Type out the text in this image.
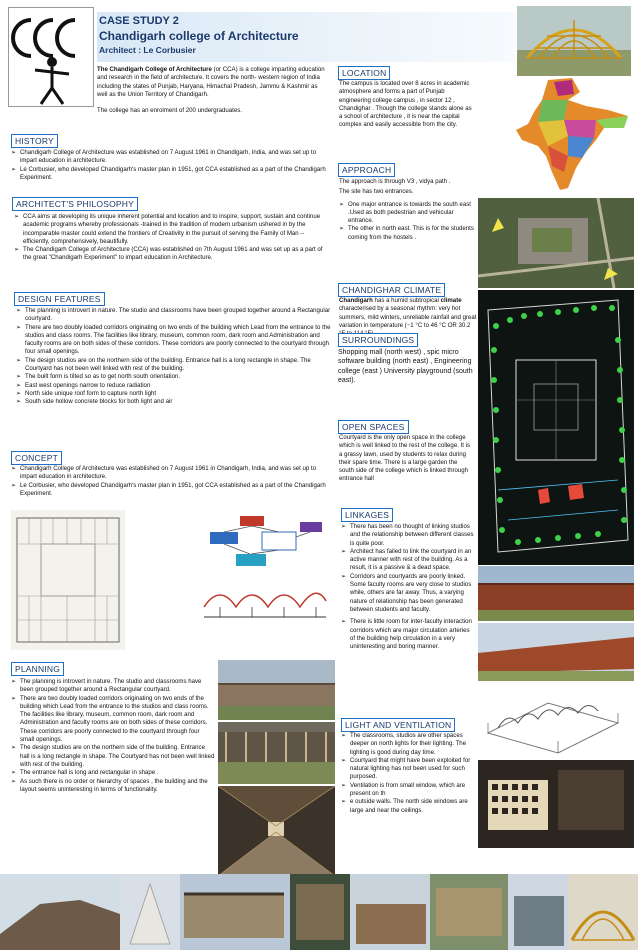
CASE STUDY 2
Chandigarh college of Architecture
Architect : Le Corbusier

The Chandigarh College of Architecture (or CCA) is a college imparting education and research in the field of architecture. It covers the north- western region of India including the states of Punjab, Haryana, Himachal Pradesh, Jammu & Kashmir as well as the Union Territory of Chandigarh.

The college has an enrolment of 200 undergraduates.

HISTORY

➢ Chandigarh College of Architecture was established on 7 August 1961 in Chandigarh, India, and was set up to impart education in architecture.

➢ Le Corbusier, who developed Chandigarh's master plan in 1951, got CCA established as a part of the Chandigarh Experiment.

ARCHITECT'S PHILOSOPHY

➢ CCA aims at developing its unique inherent potential and location and to inspire, support, sustain and continue academic programs whereby professionals -trained in the tradition of modern urbanism ushered in by the incomparable master could extend the frontiers of Creativity in the pursuit of serving the Family of Man -- efficiently, comprehensively, beautifully.

➢ The Chandigarh College of Architecture (CCA) was established on 7th August 1961 and was set up as a part of the great "Chandigarh Experiment" to impart education in Architecture.

DESIGN FEATURES

➢ The planning is introvert in nature. The studio and classrooms have been grouped together around a Rectangular courtyard.

➢ There are two doubly loaded corridors originating on two ends of the building which Lead from the entrance to the studios and class rooms. The facilities like library, museum, common room, dark room and Administration and faculty rooms are on both sides of these corridors. These corridors are poorly connected to the courtyard through four small openings.

➢ The design studios are on the northern side of the building. Entrance hall is a long rectangle in shape. The Courtyard has not been well linked with rest of the building.

➢ The built form is tilted so as to get north south orientation.

➢ East west openings narrow to reduce radiation

➢ North side unique roof form to capture north light

➢ South side hollow concrete blocks for both light and air

CONCEPT

➢ Chandigarh College of Architecture was established on 7 August 1961 in Chandigarh, India, and was set up to impart education in architecture.

➢ Le Corbusier, who developed Chandigarh's master plan in 1951, got CCA established as a part of the Chandigarh Experiment.

PLANNING

➢ The planning is introvert in nature. The studio and classrooms have been grouped together around a Rectangular courtyard.

➢ There are two doubly loaded corridors originating on two ends of the building which Lead from the entrance to the studios and class rooms. The facilities like library, museum, common room, dark room and Administration and faculty rooms are on both sides of these corridors. These corridors are poorly connected to the courtyard through four small openings.

➢ The design studios are on the northern side of the building. Entrance hall is a long rectangle in shape. The Courtyard has not been well linked with rest of the building.

➢ The entrance hall is long and rectangular in shape .

➢ As such there is no order or hierarchy of spaces , the building and the layout seems uninteresting in terms of functionality.

LOCATION
The campus is located over 8 acres in academic atmosphere and forms a part of Punjab engineering college campus , in sector 12 , Chandighar . Though the college stands alone as a school of architecture , it is near the capital complex and easily accessible from the city.
APPROACH

The approach is through V3 , vidya path .

The site has two entrances.

➢ One major entrance is towards the south east .Used as both pedestrian and vehicular entrance.

➢ The other in north east. This is for the students coming from the hostels .

CHANDIGHAR CLIMATE

Chandigarh has a humid subtropical climate characterised by a seasonal rhythm: very hot summers, mild winters, unreliable rainfall and great variation in temperature (−1 °C to 46 °C OR 30.2

SURROUNDINGS
Shopping mall (north west) , spic micro software building (north east) , Engineering college (east ) University playground (south east).
OPEN SPACES
Courtyard is the only open space in the college which is well linked to the rest of the college. It is a grassy lawn, used by students to relax during their spare time. There is a large garden the south side of the college which is linked through entrance hall
LINKAGES

➢ There has been no thought of linking studios and the relationship between different classes is quite poor.

➢ Architect has failed to link the courtyard in an active manner with rest of the building. As a result, it is a passive & a dead space.

➢ Corridors and courtyards are poorly linked. Some faculty rooms are very close to studios while, others are far away. Thus, a varying nature of relationship has been generated between students and faculty.

➢ There is little room for inter-faculty interaction corridors which are major circulation arteries of the building help circulation in a very uninteresting and boring manner.

LIGHT AND VENTILATION

➢ The classrooms, studios are other spaces deeper on north lights for their lighting. The lighting is good during day time.

➢ Courtyard that might have been exploited for natural lighting has not been used for such purposed.

➢ Ventilation is from small window, which are present on th

➢ e outside walls. The north side windows are large and near the ceilings.
